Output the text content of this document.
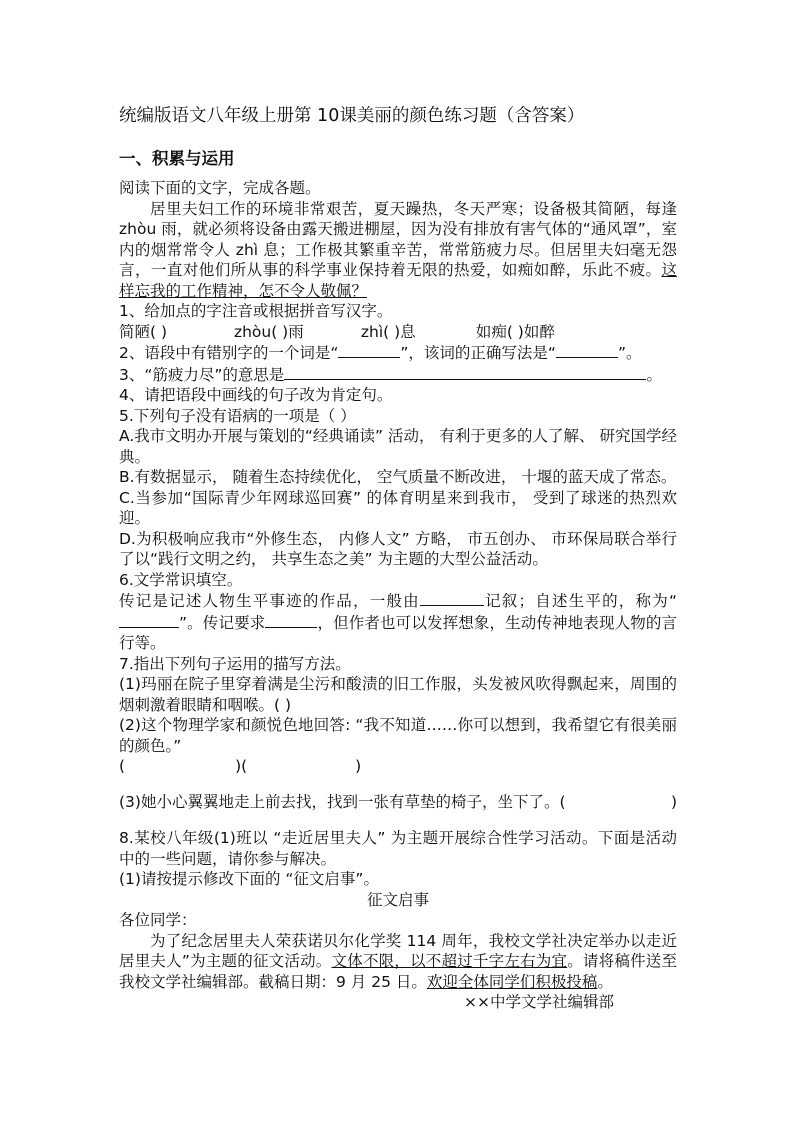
统编版语文八年级上册第 10课美丽的颜色练习题（含答案）
一、积累与运用

阅读下面的文字，完成各题。

居里夫妇工作的环境非常艰苦，夏天躁热，冬天严寒；设备极其简陋，每逢 zhòu 雨，就必须将设备由露天搬进棚屋，因为没有排放有害气体的“通风罩”，室内的烟常常令人 zhì 息；工作极其繁重辛苦，常常筋疲力尽。但居里夫妇毫无怨言，一直对他们所从事的科学事业保持着无限的热爱，如痴如醉，乐此不疲。这样忘我的工作精神，怎不令人敬佩？

1、给加点的字注音或根据拼音写汉字。

简陋( )	zhòu( )雨	zhì( )息	如痴( )如醉

2、语段中有错别字的一个词是“	”，该词的正确写法是“	”。

3、“筋疲力尽”的意思是	。

4、请把语段中画线的句子改为肯定句。

5.下列句子没有语病的一项是（ ）

A.我市文明办开展与策划的“经典诵读” 活动， 有利于更多的人了解、 研究国学经典。

B.有数据显示， 随着生态持续优化， 空气质量不断改进， 十堰的蓝天成了常态。

C.当参加“国际青少年网球巡回赛” 的体育明星来到我市， 受到了球迷的热烈欢迎。

D.为积极响应我市“外修生态， 内修人文” 方略， 市五创办、 市环保局联合举行了以“践行文明之约， 共享生态之美” 为主题的大型公益活动。

6.文学常识填空。

传记是记述人物生平事迹的作品，一般由	记叙；自述生平的，称为“”。传记要求	，但作者也可以发挥想象，生动传神地表现人物的言行等。

7.指出下列句子运用的描写方法。

(1)玛丽在院子里穿着满是尘污和酸渍的旧工作服，头发被风吹得飘起来，周围的烟刺激着眼睛和咽喉。( )

(2)这个物理学家和颜悦色地回答: “我不知道……你可以想到，我希望它有很美丽的颜色。”

(	)(	)

(3)她小心翼翼地走上前去找，找到一张有草垫的椅子，坐下了。(	)

8.某校八年级(1)班以 “走近居里夫人” 为主题开展综合性学习活动。下面是活动中的一些问题，请你参与解决。

(1)请按提示修改下面的 “征文启事”。

征文启事

各位同学：

为了纪念居里夫人荣获诺贝尔化学奖 114 周年，我校文学社决定举办以走近居里夫人”为主题的征文活动。文体不限，以不超过千字左右为宜。请将稿件送至我校文学社编辑部。截稿日期：9 月 25 日。欢迎全体同学们积极投稿。

××中学文学社编辑部
